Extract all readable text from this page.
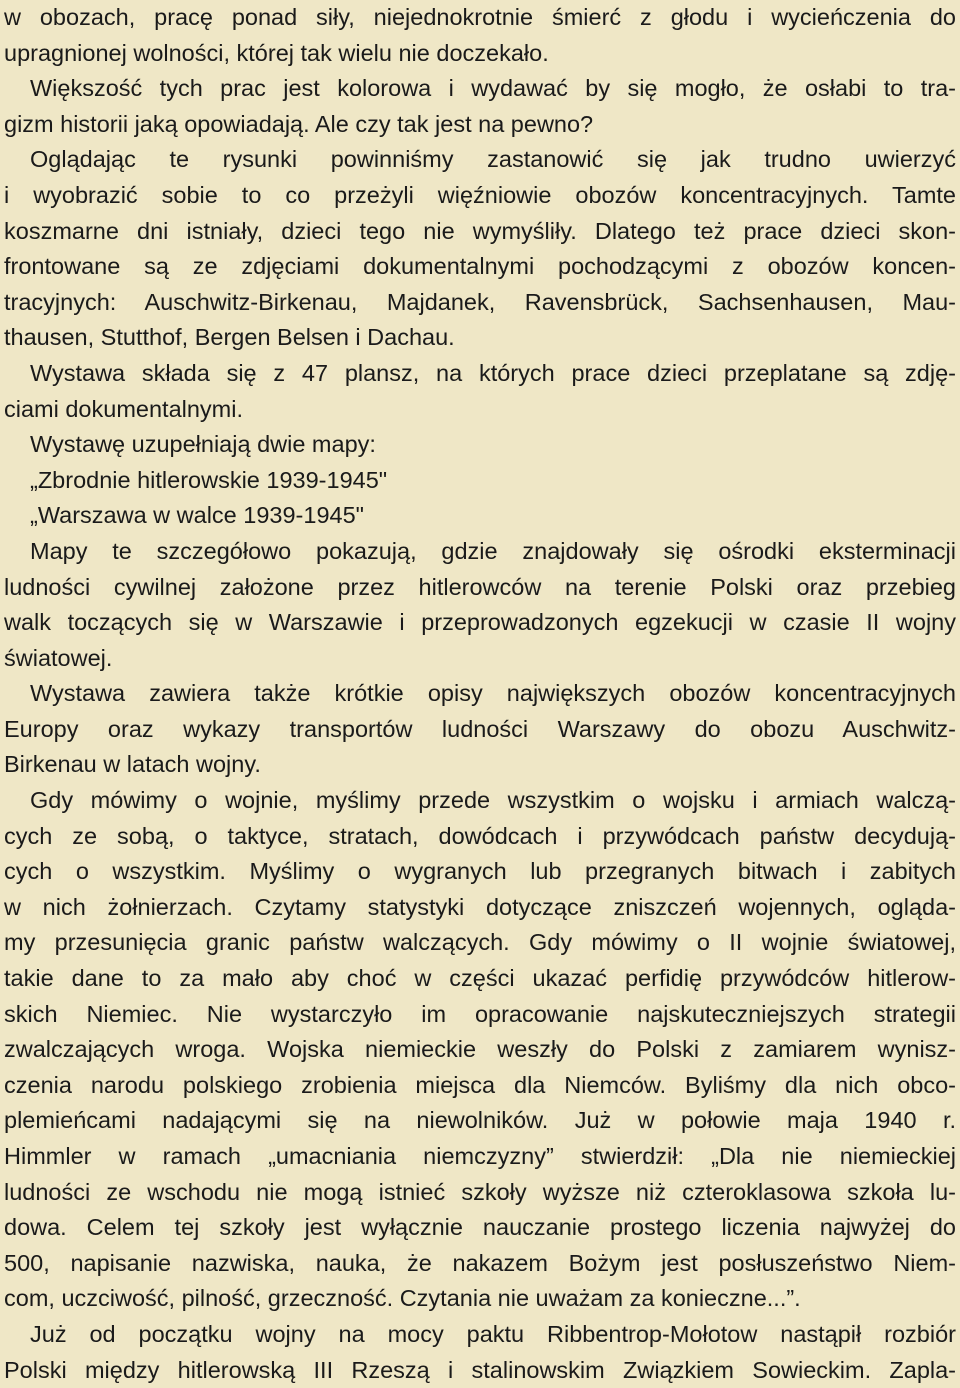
w obozach, pracę ponad siły, niejednokrotnie śmierć z głodu i wycieńczenia do
upragnionej wolności, której tak wielu nie doczekało.
Większość tych prac jest kolorowa i wydawać by się mogło, że osłabi to tra-
gizm historii jaką opowiadają. Ale czy tak jest na pewno?
Oglądając te rysunki powinniśmy zastanowić się jak trudno uwierzyć
i wyobrazić sobie to co przeżyli więźniowie obozów koncentracyjnych. Tamte
koszmarne dni istniały, dzieci tego nie wymyśliły. Dlatego też prace dzieci skon-
frontowane są ze zdjęciami dokumentalnymi pochodzącymi z obozów koncen-
tracyjnych: Auschwitz-Birkenau, Majdanek, Ravensbrück, Sachsenhausen, Mau-
thausen, Stutthof, Bergen Belsen i Dachau.
Wystawa składa się z 47 plansz, na których prace dzieci przeplatane są zdję-
ciami dokumentalnymi.
Wystawę uzupełniają dwie mapy:
„Zbrodnie hitlerowskie 1939-1945"
„Warszawa w walce 1939-1945"
Mapy te szczegółowo pokazują, gdzie znajdowały się ośrodki eksterminacji
ludności cywilnej założone przez hitlerowców na terenie Polski oraz przebieg
walk toczących się w Warszawie i przeprowadzonych egzekucji w czasie II wojny
światowej.
Wystawa zawiera także krótkie opisy największych obozów koncentracyjnych
Europy oraz wykazy transportów ludności Warszawy do obozu Auschwitz-
Birkenau w latach wojny.
Gdy mówimy o wojnie, myślimy przede wszystkim o wojsku i armiach walczą-
cych ze sobą, o taktyce, stratach, dowódcach i przywódcach państw decydują-
cych o wszystkim. Myślimy o wygranych lub przegranych bitwach i zabitych
w nich żołnierzach. Czytamy statystyki dotyczące zniszczeń wojennych, ogląda-
my przesunięcia granic państw walczących. Gdy mówimy o II wojnie światowej,
takie dane to za mało aby choć w części ukazać perfidię przywódców hitlerow-
skich Niemiec. Nie wystarczyło im opracowanie najskuteczniejszych strategii
zwalczających wroga. Wojska niemieckie weszły do Polski z zamiarem wynisz-
czenia narodu polskiego zrobienia miejsca dla Niemców. Byliśmy dla nich obco-
plemieńcami nadającymi się na niewolników. Już w połowie maja 1940 r.
Himmler w ramach „umacniania niemczyzny” stwierdził: „Dla nie niemieckiej
ludności ze wschodu nie mogą istnieć szkoły wyższe niż czteroklasowa szkoła lu-
dowa. Celem tej szkoły jest wyłącznie nauczanie prostego liczenia najwyżej do
500, napisanie nazwiska, nauka, że nakazem Bożym jest posłuszeństwo Niem-
com, uczciwość, pilność, grzeczność. Czytania nie uważam za konieczne...”.
Już od początku wojny na mocy paktu Ribbentrop-Mołotow nastąpił rozbiór
Polski między hitlerowską III Rzeszą i stalinowskim Związkiem Sowieckim. Zapla-
